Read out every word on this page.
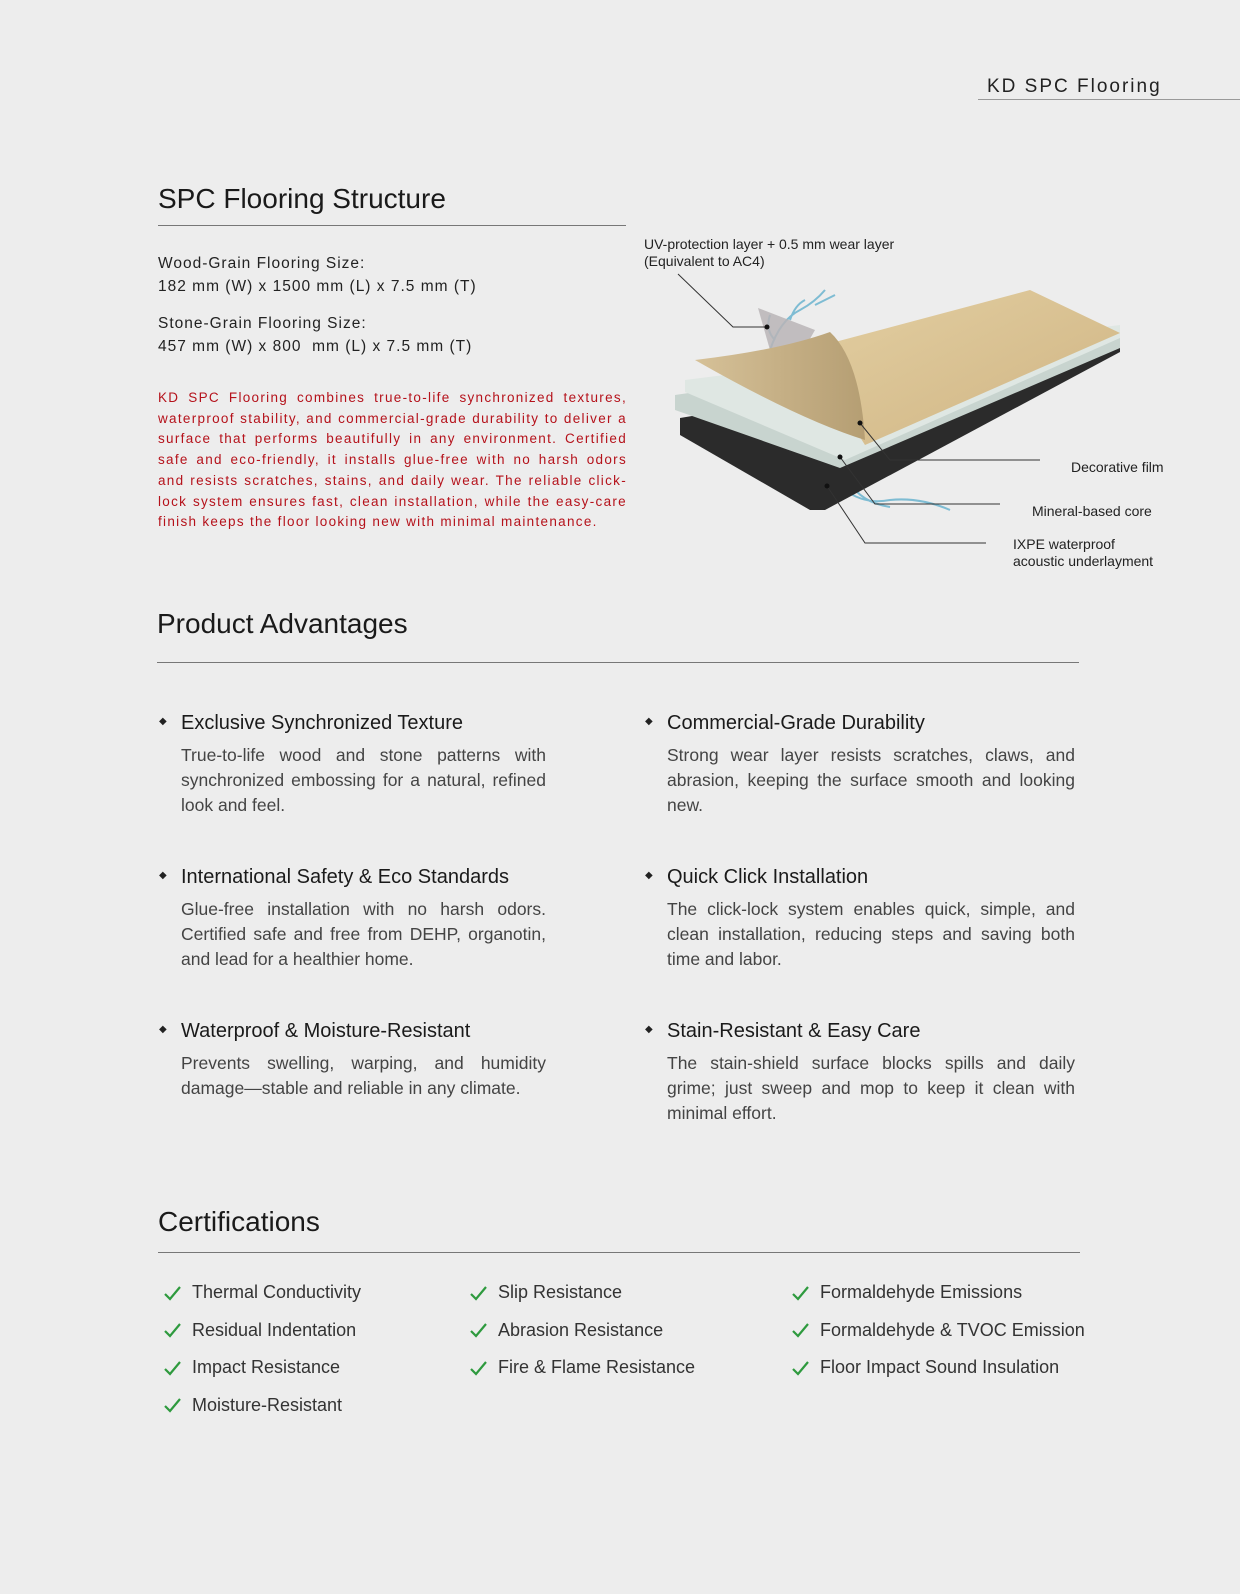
KD SPC Flooring
SPC Flooring Structure
Wood-Grain Flooring Size:
182 mm (W) x 1500 mm (L) x 7.5 mm (T)
Stone-Grain Flooring Size:
457 mm (W) x 800  mm (L) x 7.5 mm (T)
KD SPC Flooring combines true-to-life synchronized textures, waterproof stability, and commercial-grade durability to deliver a surface that performs beautifully in any environment. Certified safe and eco-friendly, it installs glue-free with no harsh odors and resists scratches, stains, and daily wear. The reliable click-lock system ensures fast, clean installation, while the easy-care finish keeps the floor looking new with minimal maintenance.
UV-protection layer + 0.5 mm wear layer
(Equivalent to AC4)
Decorative film
Mineral-based core
IXPE waterproof
acoustic underlayment
Product Advantages
◆ Exclusive Synchronized Texture
True-to-life wood and stone patterns with synchronized embossing for a natural, refined look and feel.
◆ Commercial-Grade Durability
Strong wear layer resists scratches, claws, and abrasion, keeping the surface smooth and looking new.
◆ International Safety & Eco Standards
Glue-free installation with no harsh odors. Certified safe and free from DEHP, organotin, and lead for a healthier home.
◆ Quick Click Installation
The click-lock system enables quick, simple, and clean installation, reducing steps and saving both time and labor.
◆ Waterproof & Moisture-Resistant
Prevents swelling, warping, and humidity damage—stable and reliable in any climate.
◆ Stain-Resistant & Easy Care
The stain-shield surface blocks spills and daily grime; just sweep and mop to keep it clean with minimal effort.
Certifications
Thermal Conductivity
Residual Indentation
Impact Resistance
Moisture-Resistant
Slip Resistance
Abrasion Resistance
Fire & Flame Resistance
Formaldehyde Emissions
Formaldehyde & TVOC Emission
Floor Impact Sound Insulation
